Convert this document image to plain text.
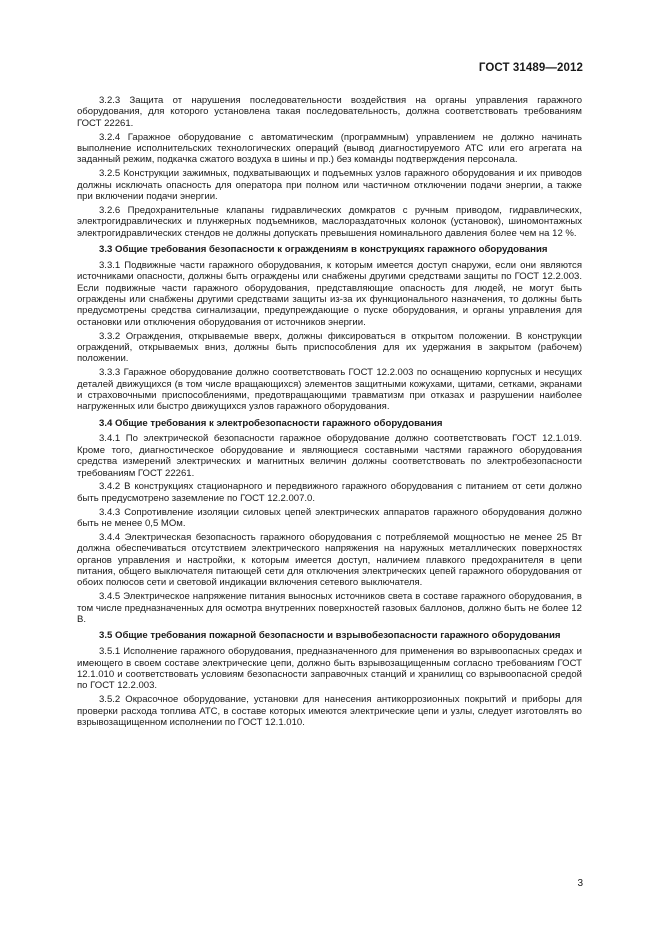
ГОСТ 31489—2012

3.2.3 Защита от нарушения последовательности воздействия на органы управления гаражного оборудования, для которого установлена такая последовательность, должна соответствовать требованиям ГОСТ 22261.

3.2.4 Гаражное оборудование с автоматическим (программным) управлением не должно начинать выполнение исполнительских технологических операций (вывод диагностируемого АТС или его агрегата на заданный режим, подкачка сжатого воздуха в шины и пр.) без команды подтверждения персонала.

3.2.5 Конструкции зажимных, подхватывающих и подъемных узлов гаражного оборудования и их приводов должны исключать опасность для оператора при полном или частичном отключении подачи энергии, а также при включении подачи энергии.

3.2.6 Предохранительные клапаны гидравлических домкратов с ручным приводом, гидравлических, электрогидравлических и плунжерных подъемников, маслораздаточных колонок (установок), шиномонтажных электрогидравлических стендов не должны допускать превышения номинального давления более чем на 12 %.

3.3 Общие требования безопасности к ограждениям в конструкциях гаражного оборудования

3.3.1 Подвижные части гаражного оборудования, к которым имеется доступ снаружи, если они являются источниками опасности, должны быть ограждены или снабжены другими средствами защиты по ГОСТ 12.2.003. Если подвижные части гаражного оборудования, представляющие опасность для людей, не могут быть ограждены или снабжены другими средствами защиты из-за их функционального назначения, то должны быть предусмотрены средства сигнализации, предупреждающие о пуске оборудования, и органы управления для остановки или отключения оборудования от источников энергии.

3.3.2 Ограждения, открываемые вверх, должны фиксироваться в открытом положении. В конструкции ограждений, открываемых вниз, должны быть приспособления для их удержания в закрытом (рабочем) положении.

3.3.3 Гаражное оборудование должно соответствовать ГОСТ 12.2.003 по оснащению корпусных и несущих деталей движущихся (в том числе вращающихся) элементов защитными кожухами, щитами, сетками, экранами и страховочными приспособлениями, предотвращающими травматизм при отказах и разрушении наиболее нагруженных или быстро движущихся узлов гаражного оборудования.

3.4 Общие требования к электробезопасности гаражного оборудования

3.4.1 По электрической безопасности гаражное оборудование должно соответствовать ГОСТ 12.1.019. Кроме того, диагностическое оборудование и являющиеся составными частями гаражного оборудования средства измерений электрических и магнитных величин должны соответствовать по электробезопасности требованиям ГОСТ 22261.

3.4.2 В конструкциях стационарного и передвижного гаражного оборудования с питанием от сети должно быть предусмотрено заземление по ГОСТ 12.2.007.0.

3.4.3 Сопротивление изоляции силовых цепей электрических аппаратов гаражного оборудования должно быть не менее 0,5 МОм.

3.4.4 Электрическая безопасность гаражного оборудования с потребляемой мощностью не менее 25 Вт должна обеспечиваться отсутствием электрического напряжения на наружных металлических поверхностях органов управления и настройки, к которым имеется доступ, наличием плавкого предохранителя в цепи питания, общего выключателя питающей сети для отключения электрических цепей гаражного оборудования от обоих полюсов сети и световой индикации включения сетевого выключателя.

3.4.5 Электрическое напряжение питания выносных источников света в составе гаражного оборудования, в том числе предназначенных для осмотра внутренних поверхностей газовых баллонов, должно быть не более 12 В.

3.5 Общие требования пожарной безопасности и взрывобезопасности гаражного оборудования

3.5.1 Исполнение гаражного оборудования, предназначенного для применения во взрывоопасных средах и имеющего в своем составе электрические цепи, должно быть взрывозащищенным согласно требованиям ГОСТ 12.1.010 и соответствовать условиям безопасности заправочных станций и хранилищ со взрывоопасной средой по ГОСТ 12.2.003.

3.5.2 Окрасочное оборудование, установки для нанесения антикоррозионных покрытий и приборы для проверки расхода топлива АТС, в составе которых имеются электрические цепи и узлы, следует изготовлять во взрывозащищенном исполнении по ГОСТ 12.1.010.

3
